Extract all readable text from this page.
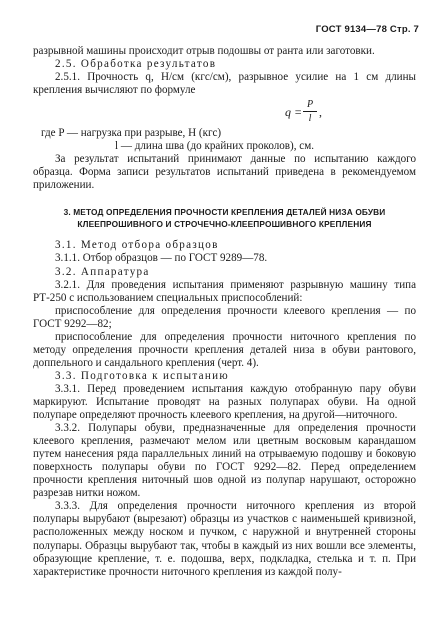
ГОСТ 9134—78 Стр. 7

разрывной машины происходит отрыв подошвы от ранта или заготовки.

2.5. Обработка результатов

2.5.1. Прочность q, Н/см (кгс/см), разрывное усилие на 1 см длины крепления вычисляют по формуле

q =
P
l ,

где P — нагрузка при разрыве, Н (кгс)

l — длина шва (до крайних проколов), см.

За результат испытаний принимают данные по испытанию каждого образца. Форма записи результатов испытаний приведена в рекомендуемом приложении.

3. МЕТОД ОПРЕДЕЛЕНИЯ ПРОЧНОСТИ КРЕПЛЕНИЯ ДЕТАЛЕЙ НИЗА ОБУВИ КЛЕЕПРОШИВНОГО И СТРОЧЕЧНО-КЛЕЕПРОШИВНОГО КРЕПЛЕНИЯ

3.1. Метод отбора образцов

3.1.1. Отбор образцов — по ГОСТ 9289—78.

3.2. Аппаратура

3.2.1. Для проведения испытания применяют разрывную машину типа РТ-250 с использованием специальных приспособлений:

приспособление для определения прочности клеевого крепления — по ГОСТ 9292—82;

приспособление для определения прочности ниточного крепления по методу определения прочности крепления деталей низа в обуви рантового, доппельного и сандального крепления (черт. 4).

3.3. Подготовка к испытанию

3.3.1. Перед проведением испытания каждую отобранную пару обуви маркируют. Испытание проводят на разных полупарах обуви. На одной полупаре определяют прочность клеевого крепления, на другой—ниточного.

3.3.2. Полупары обуви, предназначенные для определения прочности клеевого крепления, размечают мелом или цветным восковым карандашом путем нанесения ряда параллельных линий на отрываемую подошву и боковую поверхность полупары обуви по ГОСТ 9292—82. Перед определением прочности крепления ниточный шов одной из полупар нарушают, осторожно разрезав нитки ножом.

3.3.3. Для определения прочности ниточного крепления из второй полупары вырубают (вырезают) образцы из участков с наименьшей кривизной, расположенных между носком и пучком, с наружной и внутренней стороны полупары. Образцы вырубают так, чтобы в каждый из них вошли все элементы, образующие крепление, т. е. подошва, верх, подкладка, стелька и т. п. При характеристике прочности ниточного крепления из каждой полу-
